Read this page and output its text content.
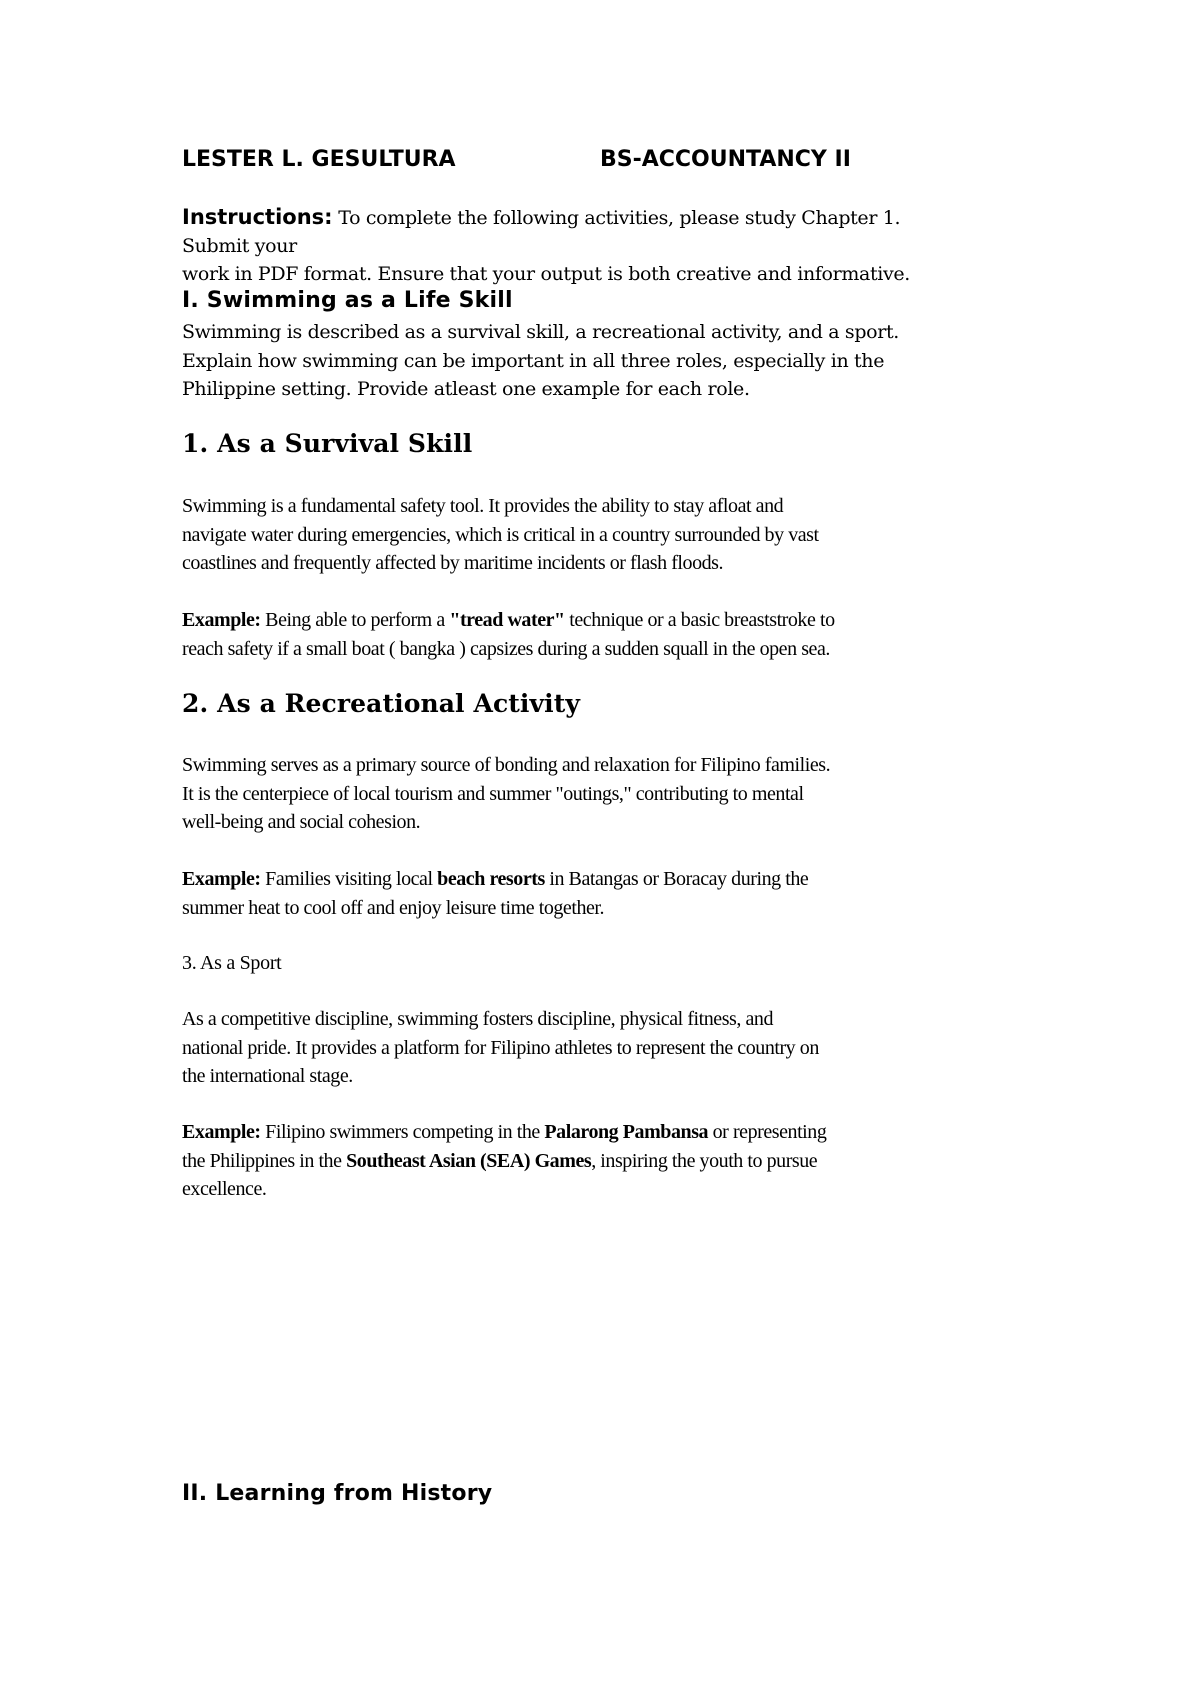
LESTER L. GESULTURA	BS-ACCOUNTANCY II
Instructions: To complete the following activities, please study Chapter 1.
Submit your
work in PDF format. Ensure that your output is both creative and informative.
I. Swimming as a Life Skill
Swimming is described as a survival skill, a recreational activity, and a sport.
Explain how swimming can be important in all three roles, especially in the
Philippine setting. Provide atleast one example for each role.
1. As a Survival Skill
Swimming is a fundamental safety tool. It provides the ability to stay afloat and
navigate water during emergencies, which is critical in a country surrounded by vast
coastlines and frequently affected by maritime incidents or flash floods.
Example: Being able to perform a "tread water" technique or a basic breaststroke to
reach safety if a small boat ( bangka ) capsizes during a sudden squall in the open sea.
2. As a Recreational Activity
Swimming serves as a primary source of bonding and relaxation for Filipino families.
It is the centerpiece of local tourism and summer "outings," contributing to mental
well-being and social cohesion.
Example: Families visiting local beach resorts in Batangas or Boracay during the
summer heat to cool off and enjoy leisure time together.
3. As a Sport
As a competitive discipline, swimming fosters discipline, physical fitness, and
national pride. It provides a platform for Filipino athletes to represent the country on
the international stage.
Example: Filipino swimmers competing in the Palarong Pambansa or representing
the Philippines in the Southeast Asian (SEA) Games, inspiring the youth to pursue
excellence.
II. Learning from History
